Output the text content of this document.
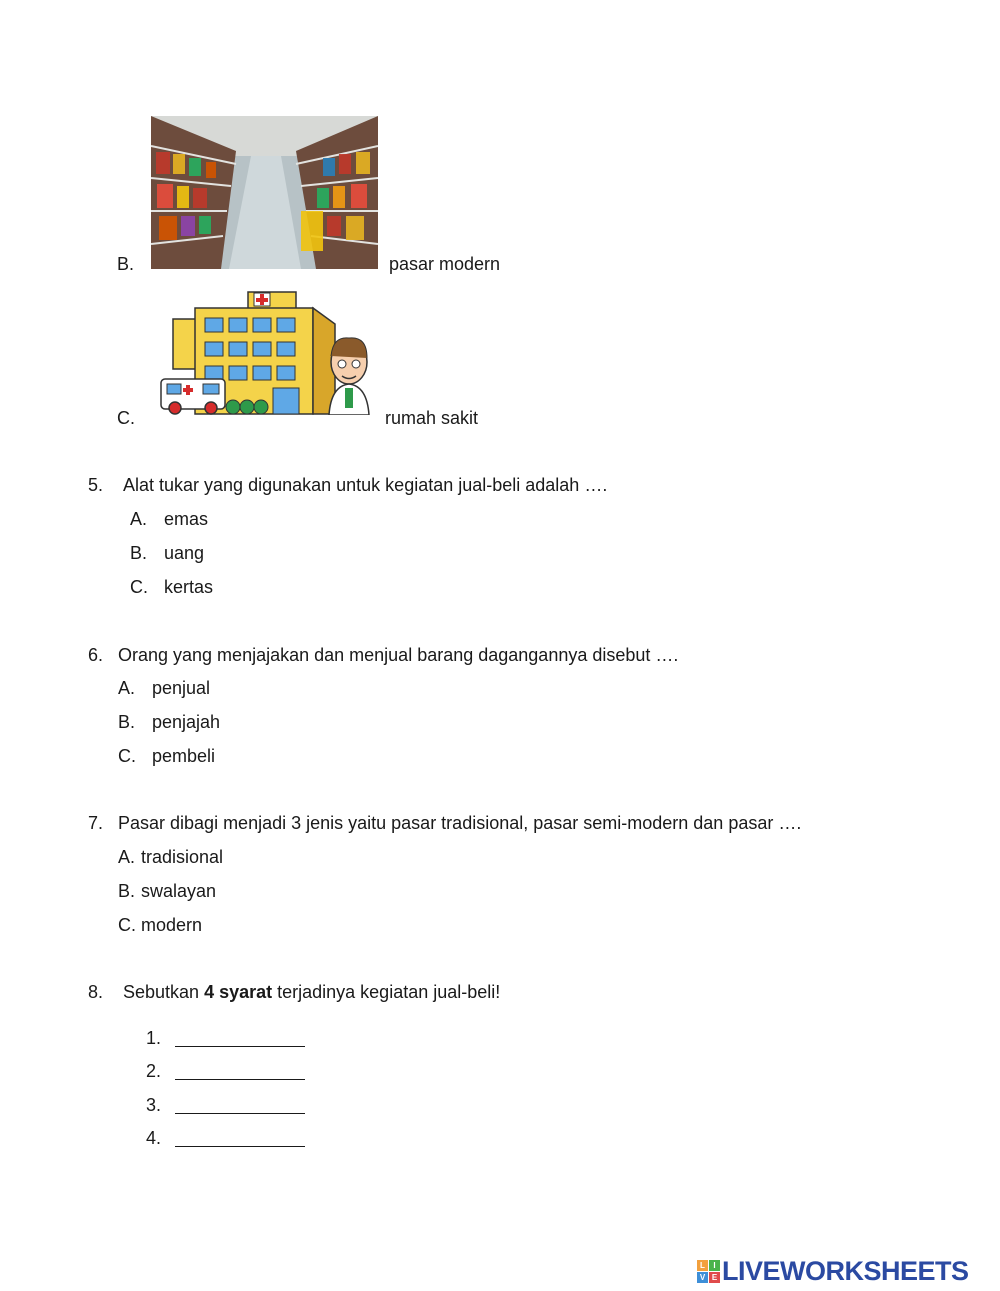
B.	pasar modern
C.	rumah sakit
5. Alat tukar yang digunakan untuk kegiatan jual-beli adalah ….
A. emas
B. uang
C. kertas
6. Orang yang menjajakan dan menjual barang dagangannya disebut ….
A. penjual
B. penjajah
C. pembeli
7. Pasar dibagi menjadi 3 jenis yaitu pasar tradisional, pasar semi-modern dan pasar ….
A. tradisional
B. swalayan
C. modern
8. Sebutkan 4 syarat terjadinya kegiatan jual-beli!
1.
2.
3.
4.
L	I
V E LIVEWORKSHEETS
